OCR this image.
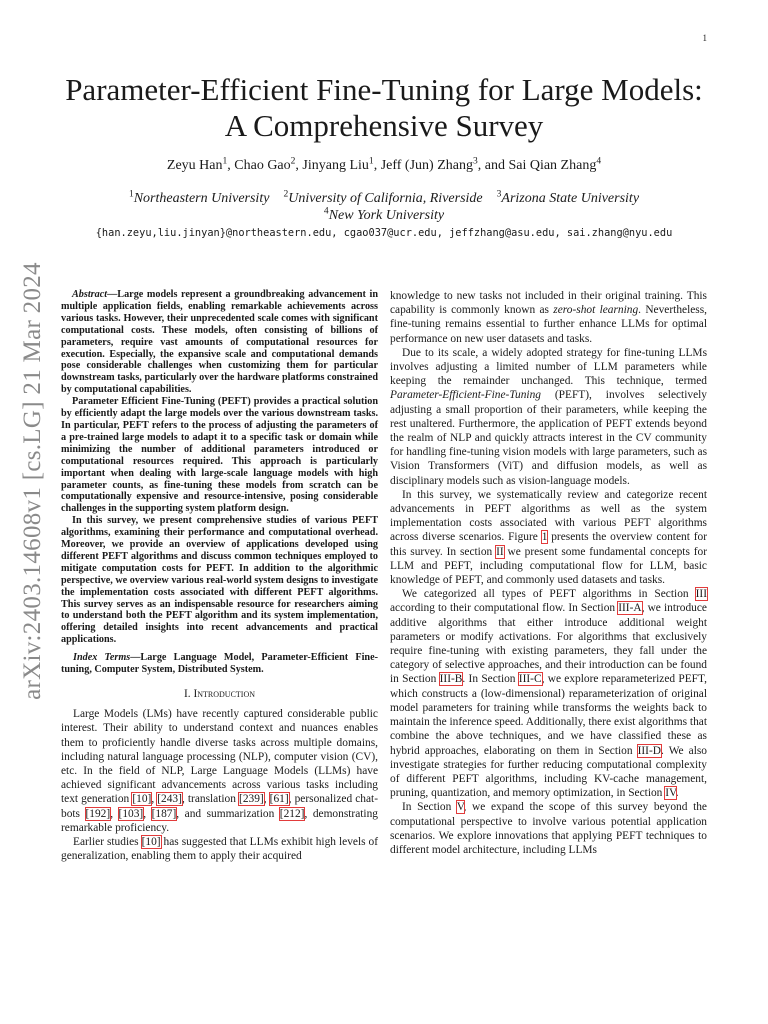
1
arXiv:2403.14608v1 [cs.LG] 21 Mar 2024
Parameter-Efficient Fine-Tuning for Large Models:
A Comprehensive Survey
Zeyu Han$^1$, Chao Gao$^2$, Jinyang Liu$^1$, Jeff (Jun) Zhang$^3$, and Sai Qian Zhang$^4$
$^1$Northeastern University $^2$University of California, Riverside $^3$Arizona State University
$^4$New York University
{han.zeyu,liu.jinyan}@northeastern.edu, cgao037@ucr.edu, jeffzhang@asu.edu, sai.zhang@nyu.edu

Abstract—Large models represent a groundbreaking advancement in multiple application fields, enabling remarkable achievements across various tasks. However, their unprecedented scale comes with significant computational costs. These models, often consisting of billions of parameters, require vast amounts of computational resources for execution. Especially, the expansive scale and computational demands pose considerable challenges when customizing them for particular downstream tasks, particularly over the hardware platforms constrained by computational capabilities.

Parameter Efficient Fine-Tuning (PEFT) provides a practical solution by efficiently adapt the large models over the various downstream tasks. In particular, PEFT refers to the process of adjusting the parameters of a pre-trained large models to adapt it to a specific task or domain while minimizing the number of additional parameters introduced or computational resources required. This approach is particularly important when dealing with large-scale language models with high parameter counts, as fine-tuning these models from scratch can be computationally expensive and resource-intensive, posing considerable challenges in the supporting system platform design.

In this survey, we present comprehensive studies of various PEFT algorithms, examining their performance and computational overhead. Moreover, we provide an overview of applications developed using different PEFT algorithms and discuss common techniques employed to mitigate computation costs for PEFT. In addition to the algorithmic perspective, we overview various real-world system designs to investigate the implementation costs associated with different PEFT algorithms. This survey serves as an indispensable resource for researchers aiming to understand both the PEFT algorithm and its system implementation, offering detailed insights into recent advancements and practical applications.

Index Terms—Large Language Model, Parameter-Efficient Fine-tuning, Computer System, Distributed System.

I. Introduction

Large Models (LMs) have recently captured considerable public interest. Their ability to understand context and nuances enables them to proficiently handle diverse tasks across multiple domains, including natural language processing (NLP), computer vision (CV), etc. In the field of NLP, Large Language Models (LLMs) have achieved significant advancements across various tasks including text generation [10], [243], translation [239], [61], personalized chat-bots [192], [103], [187], and summarization [212], demonstrating remarkable proficiency.

Earlier studies [10] has suggested that LLMs exhibit high levels of generalization, enabling them to apply their acquired

knowledge to new tasks not included in their original training. This capability is commonly known as zero-shot learning. Nevertheless, fine-tuning remains essential to further enhance LLMs for optimal performance on new user datasets and tasks.

Due to its scale, a widely adopted strategy for fine-tuning LLMs involves adjusting a limited number of LLM parameters while keeping the remainder unchanged. This technique, termed Parameter-Efficient-Fine-Tuning (PEFT), involves selectively adjusting a small proportion of their parameters, while keeping the rest unaltered. Furthermore, the application of PEFT extends beyond the realm of NLP and quickly attracts interest in the CV community for handling fine-tuning vision models with large parameters, such as Vision Transformers (ViT) and diffusion models, as well as disciplinary models such as vision-language models.

In this survey, we systematically review and categorize recent advancements in PEFT algorithms as well as the system implementation costs associated with various PEFT algorithms across diverse scenarios. Figure 1 presents the overview content for this survey. In section II we present some fundamental concepts for LLM and PEFT, including computational flow for LLM, basic knowledge of PEFT, and commonly used datasets and tasks.

We categorized all types of PEFT algorithms in Section III according to their computational flow. In Section III-A, we introduce additive algorithms that either introduce additional weight parameters or modify activations. For algorithms that exclusively require fine-tuning with existing parameters, they fall under the category of selective approaches, and their introduction can be found in Section III-B. In Section III-C, we explore reparameterized PEFT, which constructs a (low-dimensional) reparameterization of original model parameters for training while transforms the weights back to maintain the inference speed. Additionally, there exist algorithms that combine the above techniques, and we have classified these as hybrid approaches, elaborating on them in Section III-D. We also investigate strategies for further reducing computational complexity of different PEFT algorithms, including KV-cache management, pruning, quantization, and memory optimization, in Section IV.

In Section V, we expand the scope of this survey beyond the computational perspective to involve various potential application scenarios. We explore innovations that applying PEFT techniques to different model architecture, including LLMs
